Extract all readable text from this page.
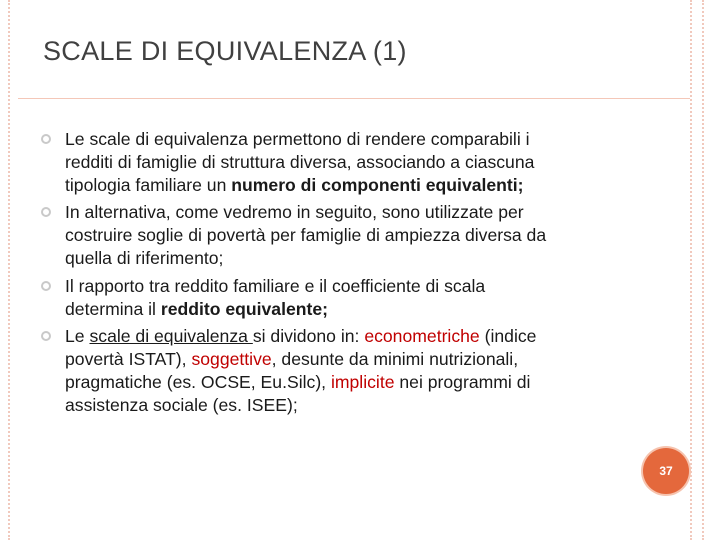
SCALE DI EQUIVALENZA (1)
Le scale di equivalenza permettono di rendere comparabili i
redditi di famiglie di struttura diversa, associando a ciascuna
tipologia familiare un numero di componenti equivalenti;
In alternativa, come vedremo in seguito, sono utilizzate per
costruire soglie di povertà per famiglie di ampiezza diversa da
quella di riferimento;
Il rapporto tra reddito familiare e il coefficiente di scala
determina il reddito equivalente;
Le scale di equivalenza si dividono in: econometriche (indice
povertà ISTAT), soggettive, desunte da minimi nutrizionali,
pragmatiche (es. OCSE, Eu.Silc), implicite nei programmi di
assistenza sociale (es. ISEE);
37
